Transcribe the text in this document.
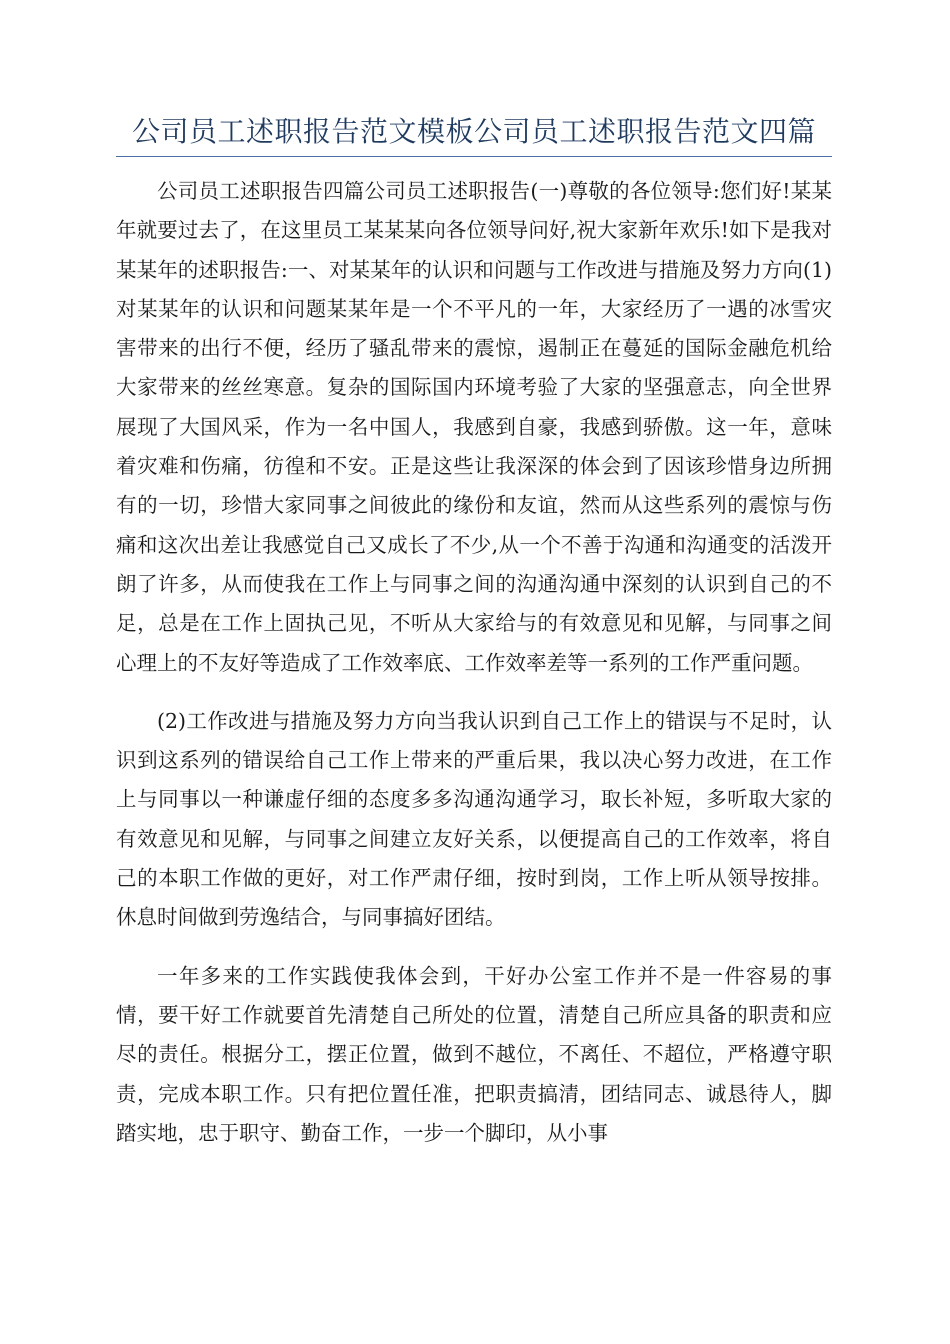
公司员工述职报告范文模板公司员工述职报告范文四篇

公司员工述职报告四篇公司员工述职报告(一)尊敬的各位领导:您们好!某某年就要过去了，在这里员工某某某向各位领导问好,祝大家新年欢乐!如下是我对某某年的述职报告:一、对某某年的认识和问题与工作改进与措施及努力方向(1)对某某年的认识和问题某某年是一个不平凡的一年，大家经历了一遇的冰雪灾害带来的出行不便，经历了骚乱带来的震惊，遏制正在蔓延的国际金融危机给大家带来的丝丝寒意。复杂的国际国内环境考验了大家的坚强意志，向全世界展现了大国风采，作为一名中国人，我感到自豪，我感到骄傲。这一年，意味着灾难和伤痛，彷徨和不安。正是这些让我深深的体会到了因该珍惜身边所拥有的一切，珍惜大家同事之间彼此的缘份和友谊，然而从这些系列的震惊与伤痛和这次出差让我感觉自己又成长了不少,从一个不善于沟通和沟通变的活泼开朗了许多，从而使我在工作上与同事之间的沟通沟通中深刻的认识到自己的不足，总是在工作上固执己见，不听从大家给与的有效意见和见解，与同事之间心理上的不友好等造成了工作效率底、工作效率差等一系列的工作严重问题。

(2)工作改进与措施及努力方向当我认识到自己工作上的错误与不足时，认识到这系列的错误给自己工作上带来的严重后果，我以决心努力改进，在工作上与同事以一种谦虚仔细的态度多多沟通沟通学习，取长补短，多听取大家的有效意见和见解，与同事之间建立友好关系，以便提高自己的工作效率，将自己的本职工作做的更好，对工作严肃仔细，按时到岗，工作上听从领导按排。休息时间做到劳逸结合，与同事搞好团结。

一年多来的工作实践使我体会到，干好办公室工作并不是一件容易的事情，要干好工作就要首先清楚自己所处的位置，清楚自己所应具备的职责和应尽的责任。根据分工，摆正位置，做到不越位，不离任、不超位，严格遵守职责，完成本职工作。只有把位置任准，把职责搞清，团结同志、诚恳待人，脚踏实地，忠于职守、勤奋工作，一步一个脚印，从小事
